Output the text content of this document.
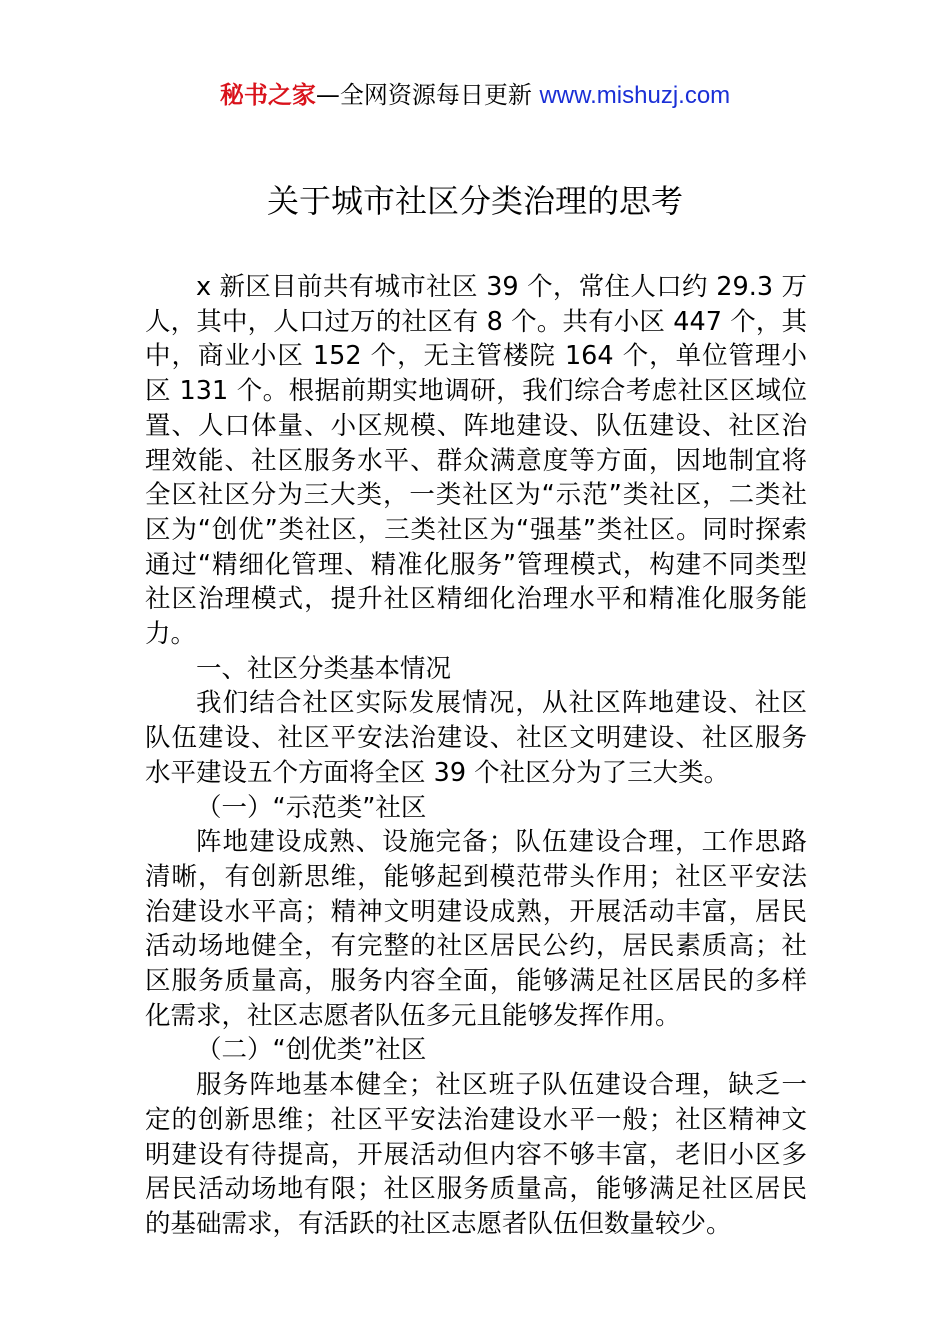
秘书之家—全网资源每日更新 www.mishuzj.com
关于城市社区分类治理的思考

x 新区目前共有城市社区 39 个，常住人口约 29.3 万人，其中，人口过万的社区有 8 个。共有小区 447 个，其中，商业小区 152 个，无主管楼院 164 个，单位管理小区 131 个。根据前期实地调研，我们综合考虑社区区域位置、人口体量、小区规模、阵地建设、队伍建设、社区治理效能、社区服务水平、群众满意度等方面，因地制宜将全区社区分为三大类，一类社区为“示范”类社区，二类社区为“创优”类社区，三类社区为“强基”类社区。同时探索通过“精细化管理、精准化服务”管理模式，构建不同类型社区治理模式，提升社区精细化治理水平和精准化服务能力。

一、社区分类基本情况

我们结合社区实际发展情况，从社区阵地建设、社区队伍建设、社区平安法治建设、社区文明建设、社区服务水平建设五个方面将全区 39 个社区分为了三大类。

（一）“示范类”社区

阵地建设成熟、设施完备；队伍建设合理，工作思路清晰，有创新思维，能够起到模范带头作用；社区平安法治建设水平高；精神文明建设成熟，开展活动丰富，居民活动场地健全，有完整的社区居民公约，居民素质高；社区服务质量高，服务内容全面，能够满足社区居民的多样化需求，社区志愿者队伍多元且能够发挥作用。

（二）“创优类”社区

服务阵地基本健全；社区班子队伍建设合理，缺乏一定的创新思维；社区平安法治建设水平一般；社区精神文明建设有待提高，开展活动但内容不够丰富，老旧小区多居民活动场地有限；社区服务质量高，能够满足社区居民的基础需求，有活跃的社区志愿者队伍但数量较少。
